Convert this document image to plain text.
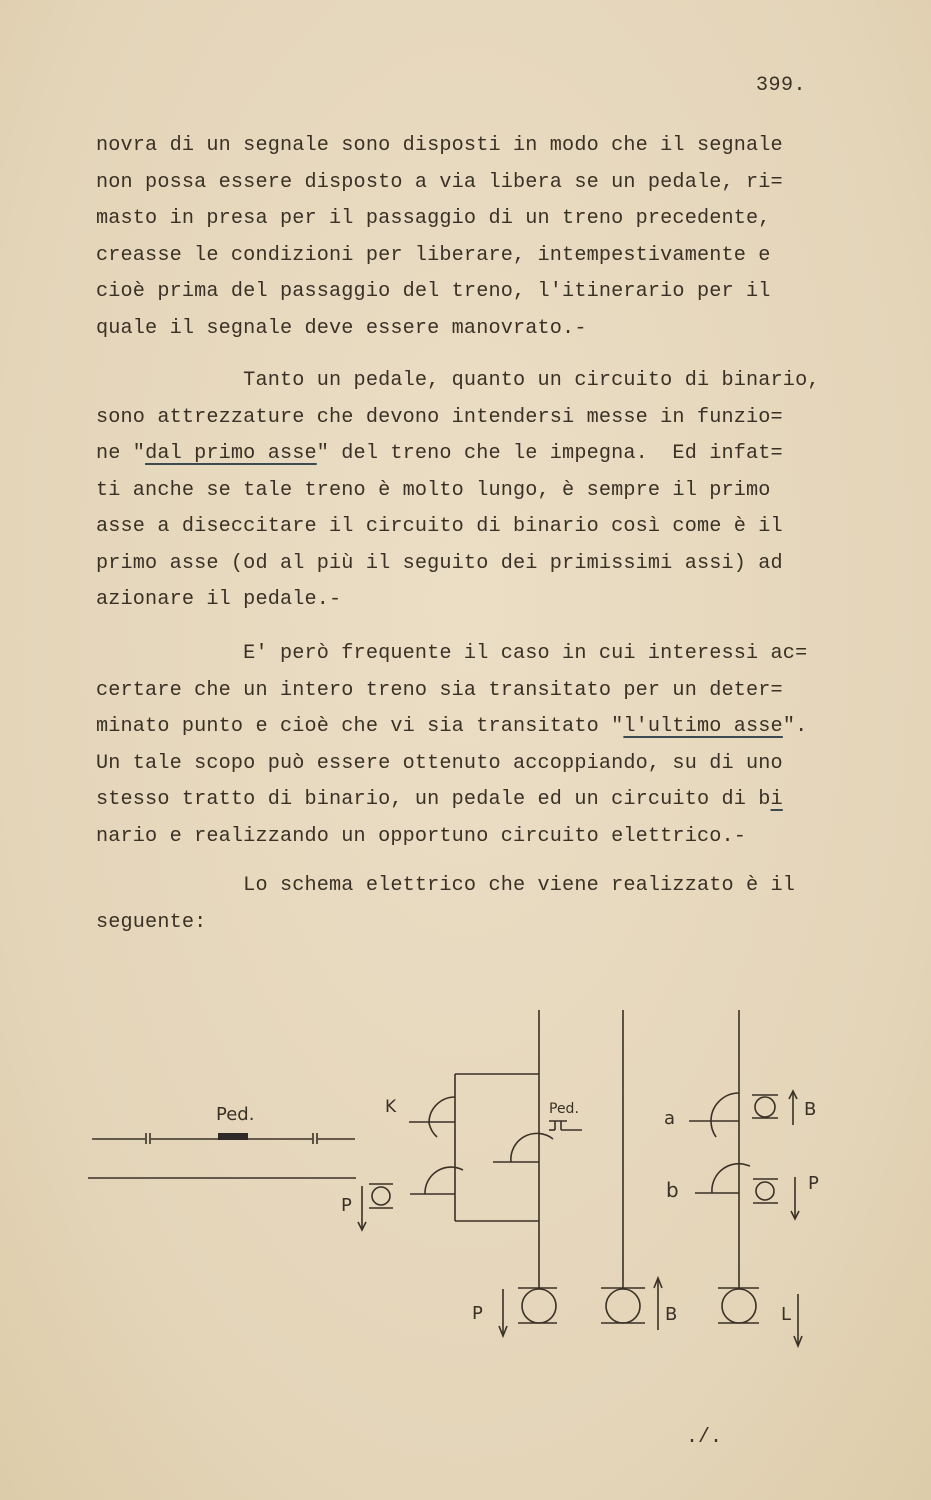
399.
novra di un segnale sono disposti in modo che il segnale
non possa essere disposto a via libera se un pedale, ri=
masto in presa per il passaggio di un treno precedente,
creasse le condizioni per liberare, intempestivamente e
cioè prima del passaggio del treno, l'itinerario per il
quale il segnale deve essere manovrato.-
Tanto un pedale, quanto un circuito di binario,
sono attrezzature che devono intendersi messe in funzio=
ne "dal primo asse" del treno che le impegna.  Ed infat=
ti anche se tale treno è molto lungo, è sempre il primo
asse a diseccitare il circuito di binario così come è il
primo asse (od al più il seguito dei primissimi assi) ad
azionare il pedale.-
E' però frequente il caso in cui interessi ac=
certare che un intero treno sia transitato per un deter=
minato punto e cioè che vi sia transitato "l'ultimo asse".
Un tale scopo può essere ottenuto accoppiando, su di uno
stesso tratto di binario, un pedale ed un circuito di bi
nario e realizzando un opportuno circuito elettrico.-
Lo schema elettrico che viene realizzato è il
seguente:
Ped.	K
P
Ped.	a
b
B
P
P	B	L
./.
